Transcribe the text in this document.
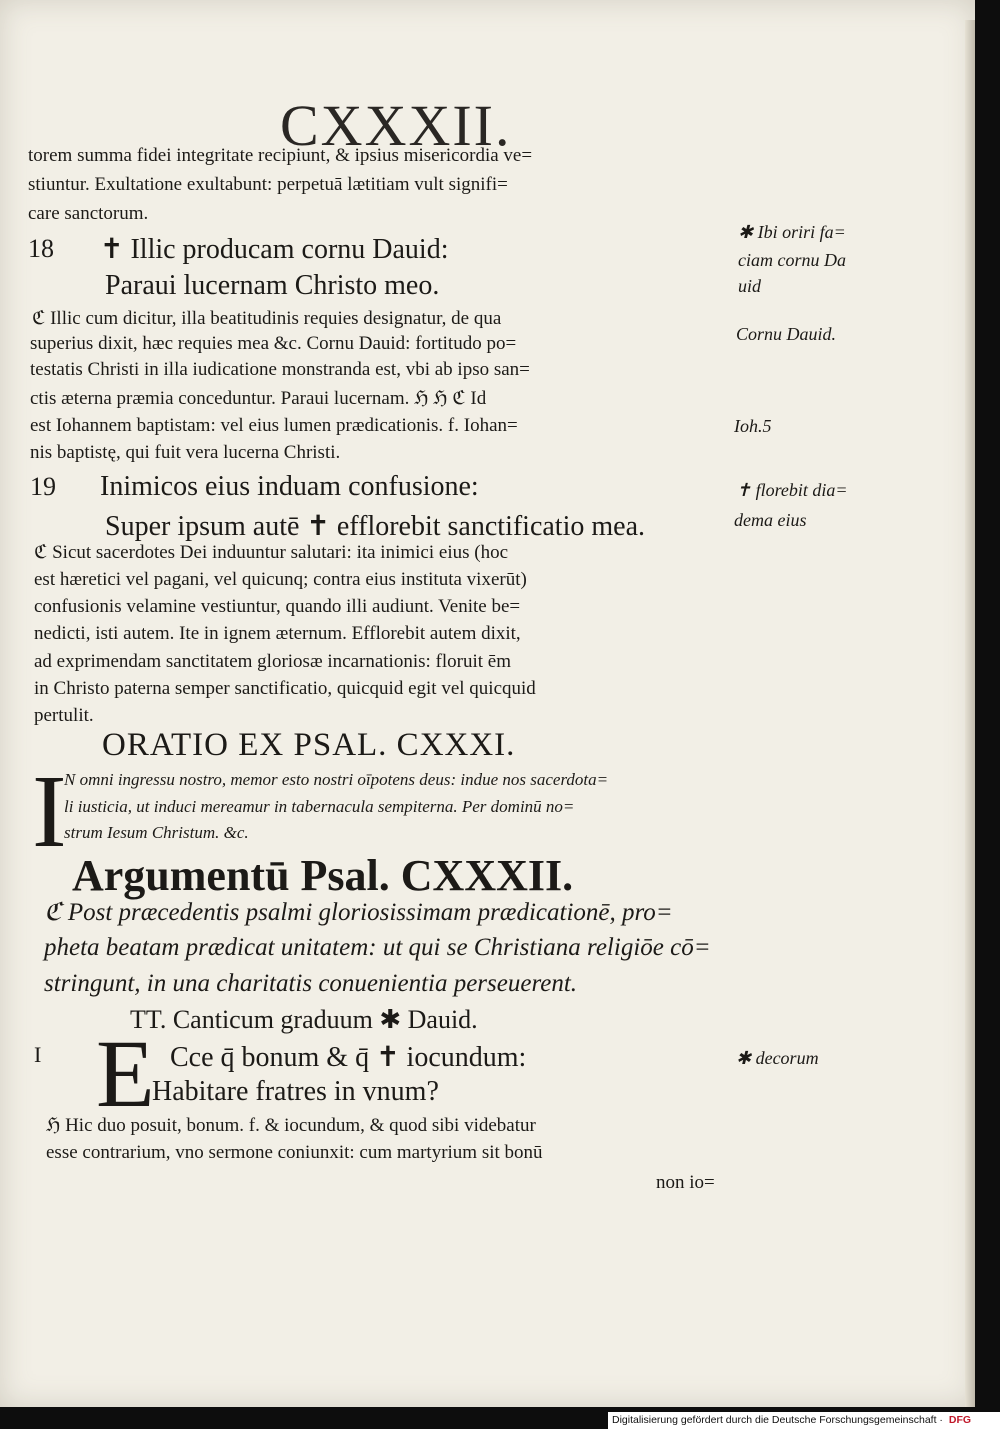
CXXXII.
torem summa fidei integritate recipiunt, & ipsius misericordia ve=
stiuntur. Exultatione exultabunt: perpetuā lætitiam vult signifi=
care sanctorum.
18 ✝ Illic producam cornu Dauid:
Paraui lucernam Christo meo.
ℭ Illic cum dicitur, illa beatitudinis requies designatur, de qua
superius dixit, hæc requies mea &c. Cornu Dauid: fortitudo po=
testatis Christi in illa iudicatione monstranda est, vbi ab ipso san=
ctis æterna præmia conceduntur. Paraui lucernam. ℌ ℌ ℭ Id
est Iohannem baptistam: vel eius lumen prædicationis. f. Iohan=
nis baptistę, qui fuit vera lucerna Christi.
19 Inimicos eius induam confusione:
Super ipsum autē ✝ efflorebit sanctificatio mea.
ℭ Sicut sacerdotes Dei induuntur salutari: ita inimici eius (hoc
est hæretici vel pagani, vel quicunq; contra eius instituta vixerūt)
confusionis velamine vestiuntur, quando illi audiunt. Venite be=
nedicti, isti autem. Ite in ignem æternum. Efflorebit autem dixit,
ad exprimendam sanctitatem gloriosæ incarnationis: floruit ēm
in Christo paterna semper sanctificatio, quicquid egit vel quicquid
pertulit.
ORATIO EX PSAL. CXXXI.
I
N omni ingressu nostro, memor esto nostri oīpotens deus: indue nos sacerdota=
li iusticia, ut induci mereamur in tabernacula sempiterna. Per dominū no=
strum Iesum Christum. &c.
Argumentū Psal. CXXXII.
ℭ Post præcedentis psalmi gloriosissimam prædicationē, pro=
pheta beatam prædicat unitatem: ut qui se Christiana religiōe cō=
stringunt, in una charitatis conuenientia perseuerent.
TT. Canticum graduum ✱ Dauid.
I E Cce q̄ bonum & q̄ ✝ iocundum:
Habitare fratres in vnum?
ℌ Hic duo posuit, bonum. f. & iocundum, & quod sibi videbatur
esse contrarium, vno sermone coniunxit: cum martyrium sit bonū
non io=
✱ Ibi oriri fa=
ciam cornu Da
uid
Cornu Dauid.
Ioh.5
✝ florebit dia=
dema eius
✱ decorum
Digitalisierung gefördert durch die Deutsche Forschungsgemeinschaft · DFG
